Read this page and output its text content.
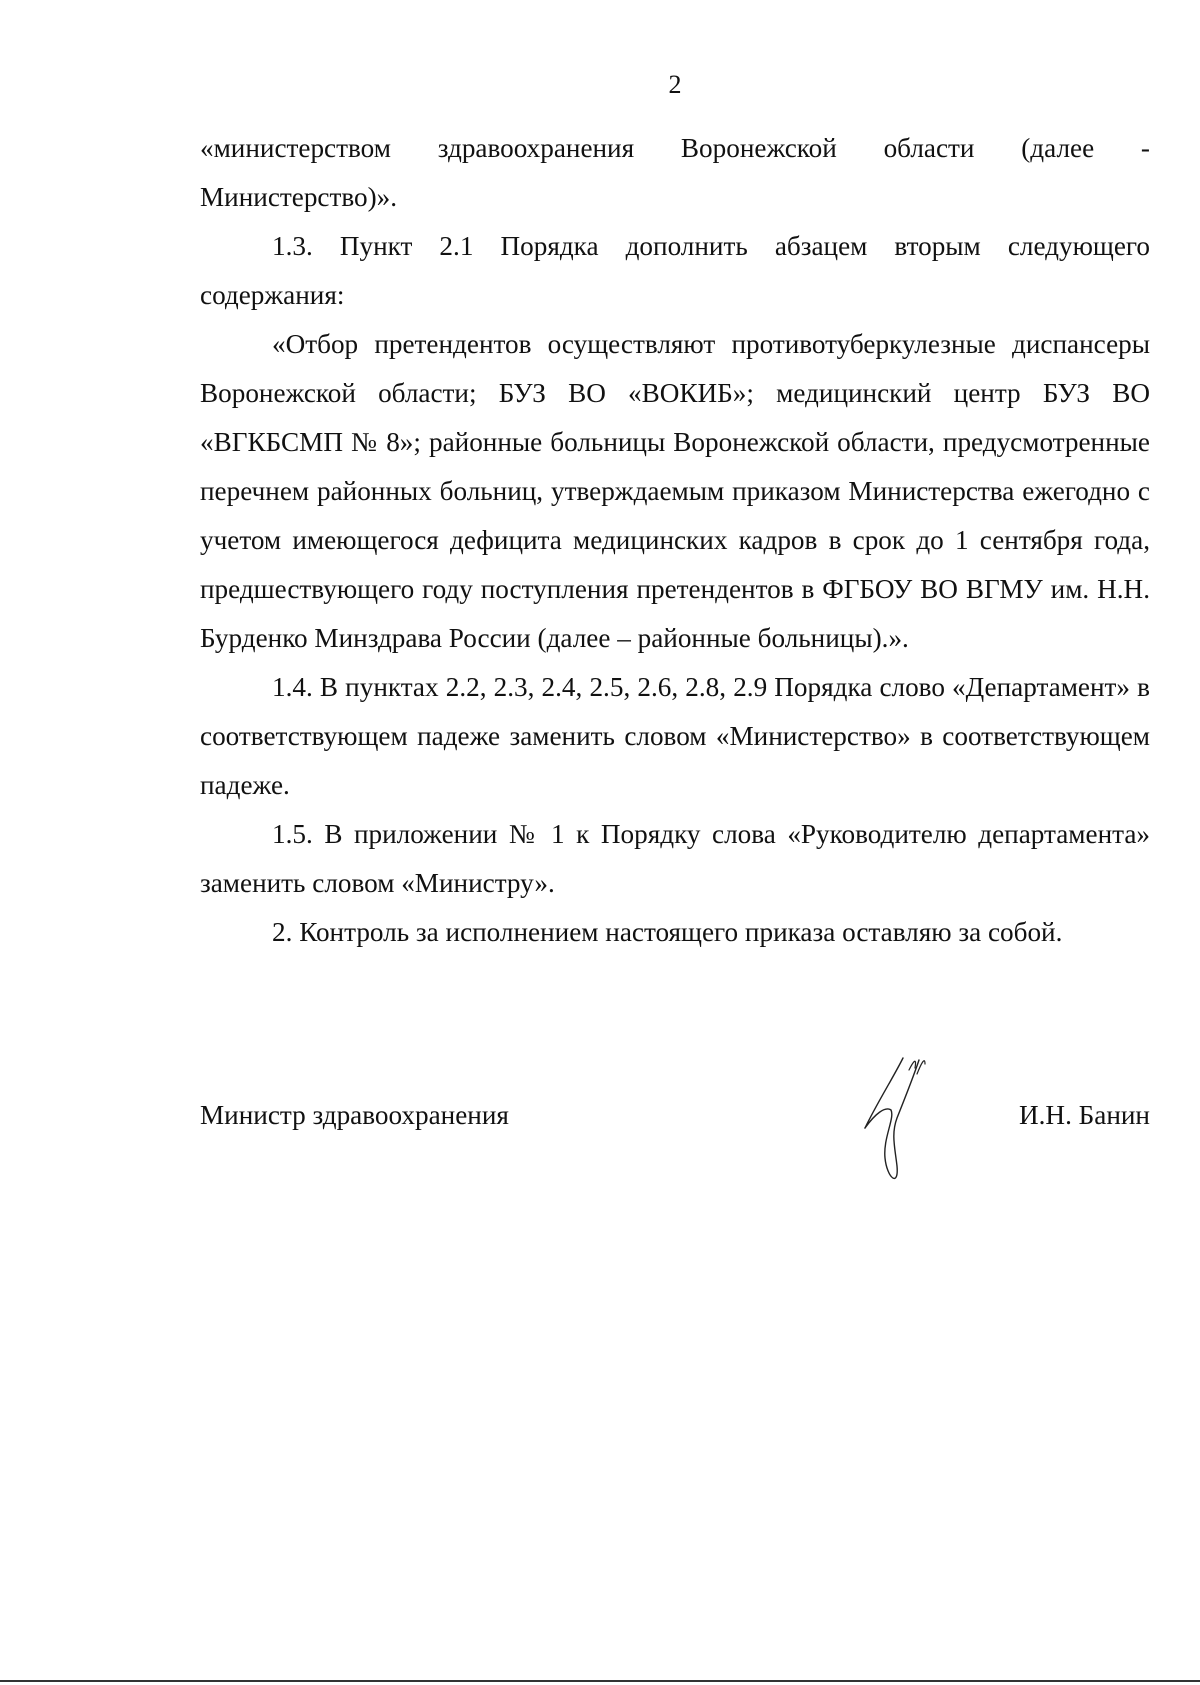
2

«министерством здравоохранения Воронежской области (далее - Министерство)».

1.3. Пункт 2.1 Порядка дополнить абзацем вторым следующего содержания:

«Отбор претендентов осуществляют противотуберкулезные диспансеры Воронежской области; БУЗ ВО «ВОКИБ»; медицинский центр БУЗ ВО «ВГКБСМП № 8»; районные больницы Воронежской области, предусмотренные перечнем районных больниц, утверждаемым приказом Министерства ежегодно с учетом имеющегося дефицита медицинских кадров в срок до 1 сентября года, предшествующего году поступления претендентов в ФГБОУ ВО ВГМУ им. Н.Н. Бурденко Минздрава России (далее – районные больницы).».

1.4. В пунктах 2.2, 2.3, 2.4, 2.5, 2.6, 2.8, 2.9 Порядка слово «Департамент» в соответствующем падеже заменить словом «Министерство» в соответствующем падеже.

1.5. В приложении № 1 к Порядку слова «Руководителю департамента» заменить словом «Министру».

2. Контроль за исполнением настоящего приказа оставляю за собой.

Министр здравоохранения	И.Н. Банин
